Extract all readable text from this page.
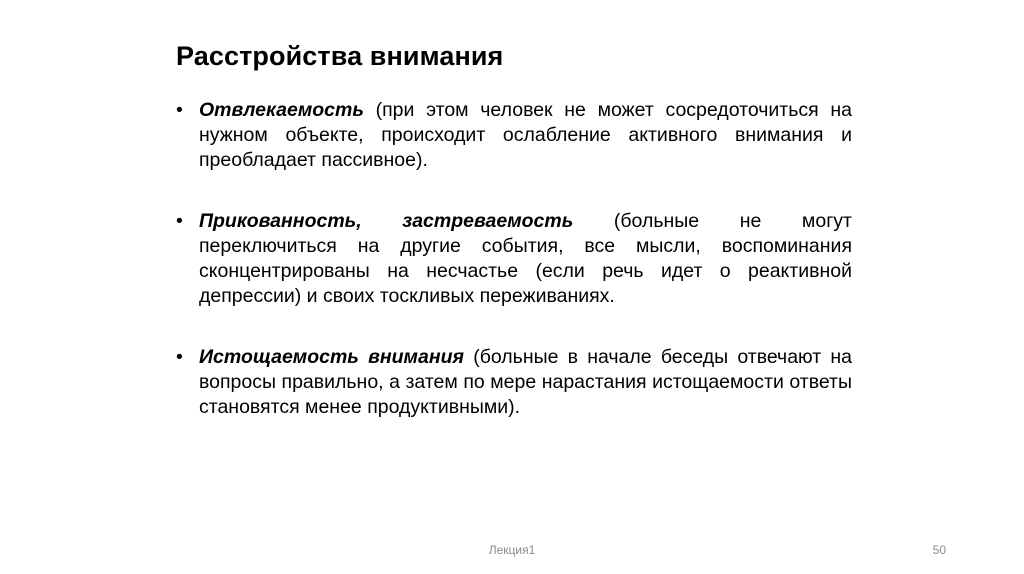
Расстройства внимания
• Отвлекаемость (при этом человек не может сосредоточиться на нужном объекте, происходит ослабление активного внимания и преобладает пассивное).
• Прикованность, застреваемость (больные не могут переключиться на другие события, все мысли, воспоминания сконцентрированы на несчастье (если речь идет о реактивной депрессии) и своих тоскливых переживаниях.
• Истощаемость внимания (больные в начале беседы отвечают на вопросы правильно, а затем по мере нарастания истощаемости ответы становятся менее продуктивными).
Лекция1	50
